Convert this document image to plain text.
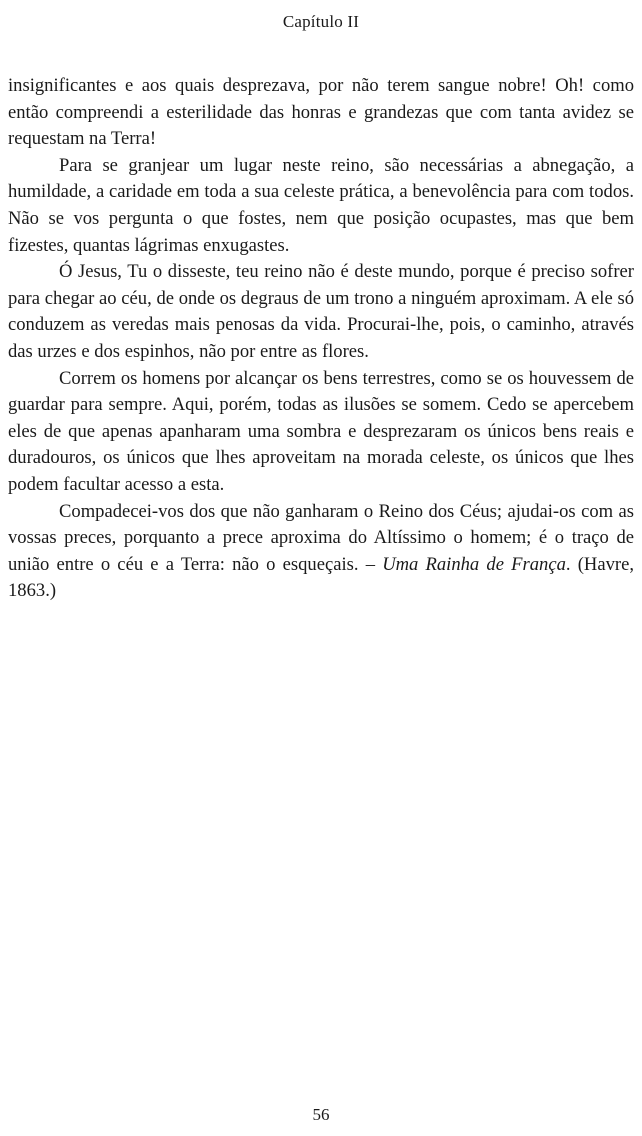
Capítulo II

insignificantes e aos quais desprezava, por não terem sangue nobre! Oh! como então compreendi a esterilidade das honras e grandezas que com tanta avidez se requestam na Terra!

Para se granjear um lugar neste reino, são necessárias a abnegação, a humildade, a caridade em toda a sua celeste prática, a benevolência para com todos. Não se vos pergunta o que fostes, nem que posição ocupastes, mas que bem fizestes, quantas lágrimas enxugastes.

Ó Jesus, Tu o disseste, teu reino não é deste mundo, porque é preciso sofrer para chegar ao céu, de onde os degraus de um trono a ninguém aproximam. A ele só conduzem as veredas mais penosas da vida. Procurai-lhe, pois, o caminho, através das urzes e dos espinhos, não por entre as flores.

Correm os homens por alcançar os bens terrestres, como se os houvessem de guardar para sempre. Aqui, porém, todas as ilusões se somem. Cedo se apercebem eles de que apenas apanharam uma sombra e desprezaram os únicos bens reais e duradouros, os únicos que lhes aproveitam na morada celeste, os únicos que lhes podem facultar acesso a esta.

Compadecei-vos dos que não ganharam o Reino dos Céus; ajudai-os com as vossas preces, porquanto a prece aproxima do Altíssimo o homem; é o traço de união entre o céu e a Terra: não o esqueçais. – Uma Rainha de França. (Havre, 1863.)

56
